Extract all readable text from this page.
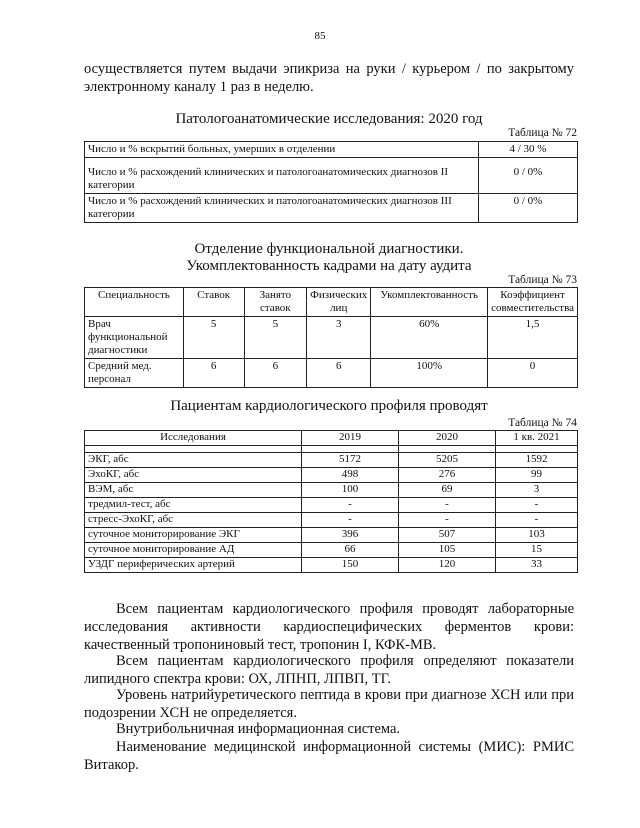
85
осуществляется путем выдачи эпикриза на руки / курьером / по закрытому электронному каналу 1 раз в неделю.
Патологоанатомические исследования: 2020 год
Таблица № 72
Число и % вскрытий больных, умерших в отделении	4 / 30 %
Число и % расхождений клинических и патологоанатомических диагнозов II категории	0 / 0%
Число и % расхождений клинических и патологоанатомических диагнозов III категории	0 / 0%
Отделение функциональной диагностики.
Укомплектованность кадрами на дату аудита
Таблица № 73
Специальность	Ставок	Занято ставок	Физических лиц	Укомплектованность	Коэффициент совместительства
Врач функциональной диагностики	5	5	3	60%	1,5
Средний мед. персонал	6	6	6	100%	0
Пациентам кардиологического профиля проводят
Таблица № 74
Исследования	2019	2020	1 кв. 2021

ЭКГ, абс	5172	5205	1592
ЭхоКГ, абс	498	276	99
ВЭМ, абс	100	69	3
тредмил-тест, абс	-	-	-
стресс-ЭхоКГ, абс	-	-	-
суточное мониторирование ЭКГ	396	507	103
суточное мониторирование АД	66	105	15
УЗДГ периферических артерий	150	120	33
Всем пациентам кардиологического профиля проводят лабораторные исследования активности кардиоспецифических ферментов крови: качественный тропониновый тест, тропонин I, КФК-МВ.
Всем пациентам кардиологического профиля определяют показатели липидного спектра крови: ОХ, ЛПНП, ЛПВП, ТГ.
Уровень натрийуретического пептида в крови при диагнозе ХСН или при подозрении ХСН не определяется.
Внутрибольничная информационная система.
Наименование медицинской информационной системы (МИС): РМИС Витакор.
